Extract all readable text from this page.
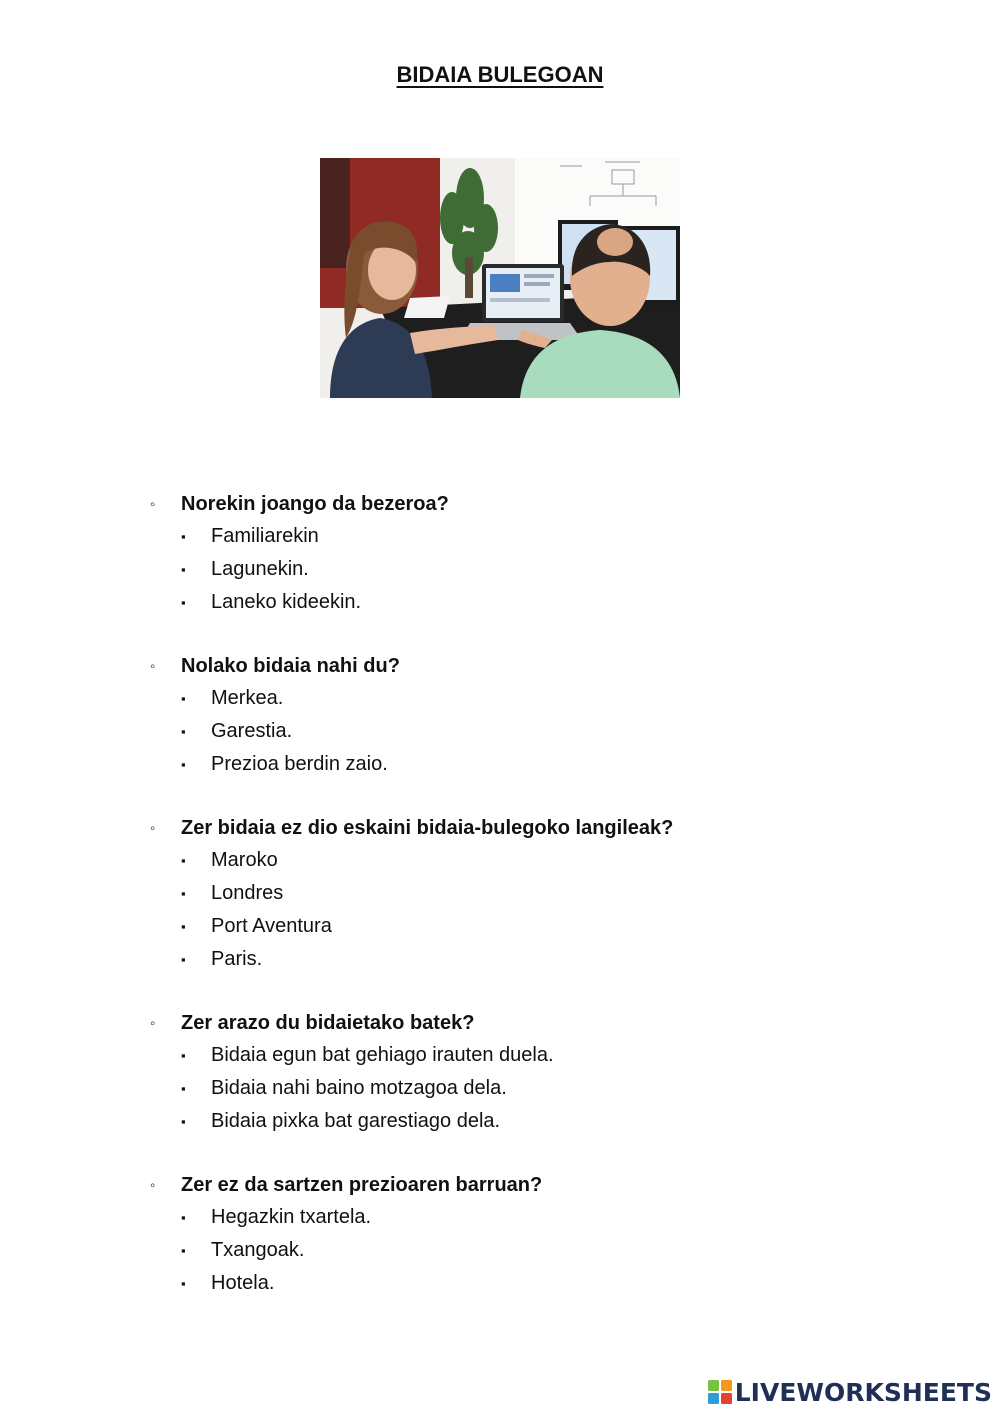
BIDAIA BULEGOAN
◦	Norekin joango da bezeroa?
▪	Familiarekin
▪	Lagunekin.
▪	Laneko kideekin.
◦	Nolako bidaia nahi du?
▪	Merkea.
▪	Garestia.
▪	Prezioa berdin zaio.
◦	Zer bidaia ez dio eskaini bidaia-bulegoko langileak?
▪	Maroko
▪	Londres
▪	Port Aventura
▪	Paris.
◦	Zer arazo du bidaietako batek?
▪	Bidaia egun bat gehiago irauten duela.
▪	Bidaia nahi baino motzagoa dela.
▪	Bidaia pixka bat garestiago dela.
◦	Zer ez da sartzen prezioaren barruan?
▪	Hegazkin txartela.
▪	Txangoak.
▪	Hotela.
LIVEWORKSHEETS
